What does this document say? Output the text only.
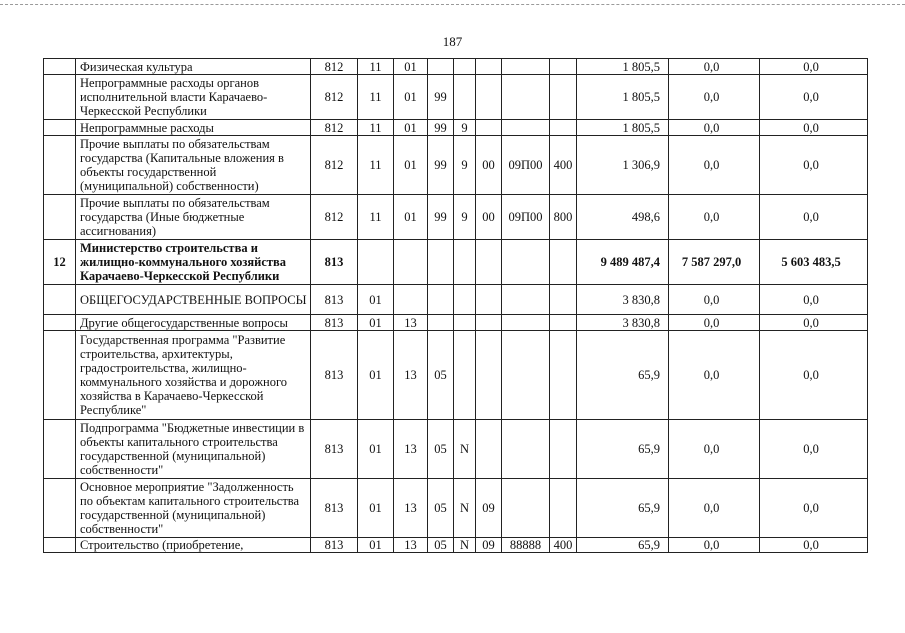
187
	Физическая культура	812	11	01						1 805,5	0,0	0,0
	Непрограммные расходы органов исполнительной власти Карачаево-Черкесской Республики	812	11	01	99					1 805,5	0,0	0,0
	Непрограммные расходы	812	11	01	99	9				1 805,5	0,0	0,0
	Прочие выплаты по обязательствам государства (Капитальные вложения в объекты государственной (муниципальной) собственности)	812	11	01	99	9	00	09П00	400	1 306,9	0,0	0,0
	Прочие выплаты по обязательствам государства (Иные бюджетные ассигнования)	812	11	01	99	9	00	09П00	800	498,6	0,0	0,0
12	Министерство строительства и жилищно-коммунального хозяйства Карачаево-Черкесской Республики	813								9 489 487,4	7 587 297,0	5 603 483,5
	ОБЩЕГОСУДАРСТВЕННЫЕ ВОПРОСЫ	813	01							3 830,8	0,0	0,0
	Другие общегосударственные вопросы	813	01	13						3 830,8	0,0	0,0
	Государственная программа "Развитие строительства, архитектуры, градостроительства, жилищно-коммунального хозяйства и дорожного хозяйства в Карачаево-Черкесской Республике"	813	01	13	05					65,9	0,0	0,0
	Подпрограмма "Бюджетные инвестиции в объекты капитального строительства государственной (муниципальной) собственности"	813	01	13	05	N				65,9	0,0	0,0
	Основное мероприятие "Задолженность по объектам капитального строительства государственной (муниципальной) собственности"	813	01	13	05	N	09			65,9	0,0	0,0
	Строительство (приобретение,	813	01	13	05	N	09	88888	400	65,9	0,0	0,0
